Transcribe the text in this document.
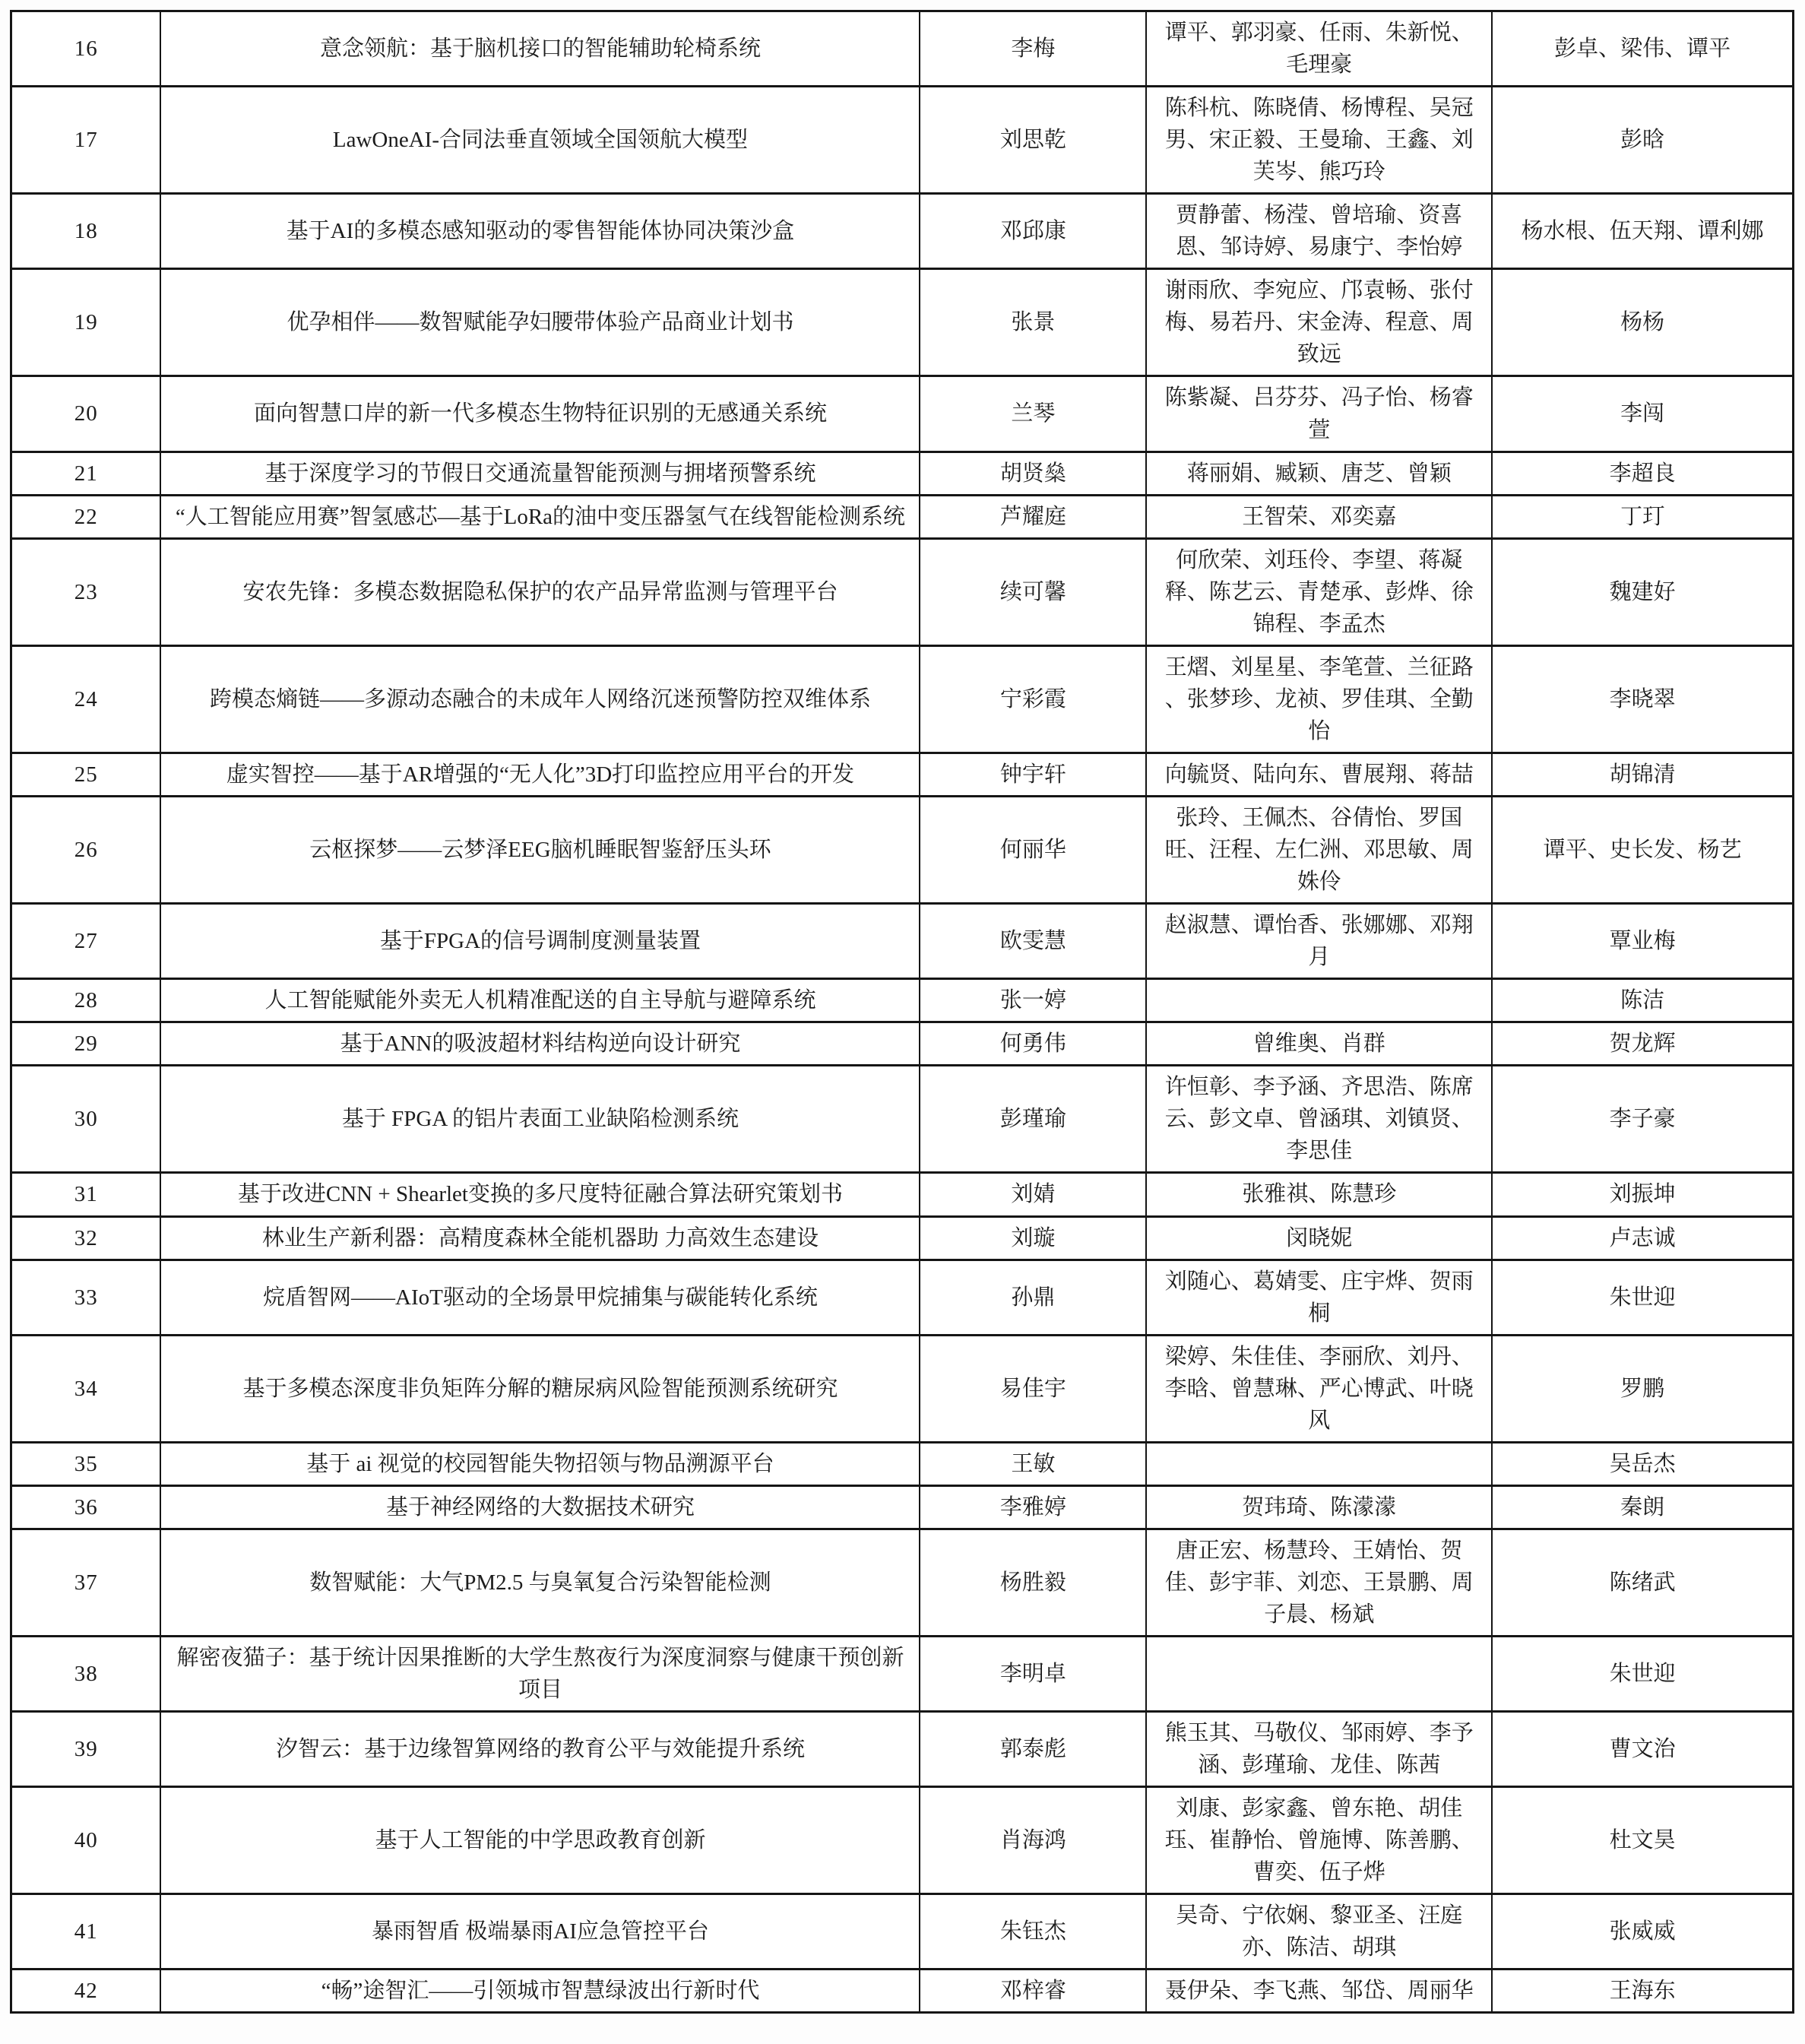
16	意念领航：基于脑机接口的智能辅助轮椅系统	李梅	谭平、郭羽豪、任雨、朱新悦、毛理豪	彭卓、梁伟、谭平
17	LawOneAI-合同法垂直领域全国领航大模型	刘思乾	陈科杭、陈晓倩、杨博程、吴冠男、宋正毅、王曼瑜、王鑫、刘芙岑、熊巧玲	彭晗
18	基于AI的多模态感知驱动的零售智能体协同决策沙盒	邓邱康	贾静蕾、杨滢、曾培瑜、资喜恩、邹诗婷、易康宁、李怡婷	杨水根、伍天翔、谭利娜
19	优孕相伴——数智赋能孕妇腰带体验产品商业计划书	张景	谢雨欣、李宛应、邝袁畅、张付梅、易若丹、宋金涛、程意、周致远	杨杨
20	面向智慧口岸的新一代多模态生物特征识别的无感通关系统	兰琴	陈紫凝、吕芬芬、冯子怡、杨睿萱	李闯
21	基于深度学习的节假日交通流量智能预测与拥堵预警系统	胡贤燊	蒋丽娟、臧颖、唐芝、曾颖	李超良
22	“人工智能应用赛”智氢感芯—基于LoRa的油中变压器氢气在线智能检测系统	芦耀庭	王智荣、邓奕嘉	丁玎
23	安农先锋：多模态数据隐私保护的农产品异常监测与管理平台	续可馨	何欣荣、刘珏伶、李望、蒋凝释、陈艺云、青楚承、彭烨、徐锦程、李孟杰	魏建好
24	跨模态熵链——多源动态融合的未成年人网络沉迷预警防控双维体系	宁彩霞	王熠、刘星星、李笔萱、兰征路 、张梦珍、龙祯、罗佳琪、全勤怡	李晓翠
25	虚实智控——基于AR增强的“无人化”3D打印监控应用平台的开发	钟宇轩	向毓贤、陆向东、曹展翔、蒋喆	胡锦清
26	云枢探梦——云梦泽EEG脑机睡眠智鉴舒压头环	何丽华	张玲、王佩杰、谷倩怡、罗国旺、汪程、左仁洲、邓思敏、周姝伶	谭平、史长发、杨艺
27	基于FPGA的信号调制度测量装置	欧雯慧	赵淑慧、谭怡香、张娜娜、邓翔月	覃业梅
28	人工智能赋能外卖无人机精准配送的自主导航与避障系统	张一婷		陈洁
29	基于ANN的吸波超材料结构逆向设计研究	何勇伟	曾维奥、肖群	贺龙辉
30	基于 FPGA 的铝片表面工业缺陷检测系统	彭瑾瑜	许恒彰、李予涵、齐思浩、陈席云、彭文卓、曾涵琪、刘镇贤、李思佳	李子豪
31	基于改进CNN + Shearlet变换的多尺度特征融合算法研究策划书	刘婧	张雅祺、陈慧珍	刘振坤
32	林业生产新利器：高精度森林全能机器助 力高效生态建设	刘璇	闵晓妮	卢志诚
33	烷盾智网——AIoT驱动的全场景甲烷捕集与碳能转化系统	孙鼎	刘随心、葛婧雯、庄宇烨、贺雨桐	朱世迎
34	基于多模态深度非负矩阵分解的糖尿病风险智能预测系统研究	易佳宇	梁婷、朱佳佳、李丽欣、刘丹、李晗、曾慧琳、严心博武、叶晓风	罗鹏
35	基于 ai 视觉的校园智能失物招领与物品溯源平台	王敏		吴岳杰
36	基于神经网络的大数据技术研究	李雅婷	贺玮琦、陈濛濛	秦朗
37	数智赋能：大气PM2.5 与臭氧复合污染智能检测	杨胜毅	唐正宏、杨慧玲、王婧怡、贺佳、彭宇菲、刘恋、王景鹏、周子晨、杨斌	陈绪武
38	解密夜猫子：基于统计因果推断的大学生熬夜行为深度洞察与健康干预创新项目	李明卓		朱世迎
39	汐智云：基于边缘智算网络的教育公平与效能提升系统	郭泰彪	熊玉其、马敬仪、邹雨婷、李予涵、彭瑾瑜、龙佳、陈茜	曹文治
40	基于人工智能的中学思政教育创新	肖海鸿	刘康、彭家鑫、曾东艳、胡佳珏、崔静怡、曾施博、陈善鹏、曹奕、伍子烨	杜文昊
41	暴雨智盾 极端暴雨AI应急管控平台	朱钰杰	吴奇、宁依娴、黎亚圣、汪庭亦、陈洁、胡琪	张威威
42	“畅”途智汇——引领城市智慧绿波出行新时代	邓梓睿	聂伊朵、李飞燕、邹岱、周丽华	王海东
